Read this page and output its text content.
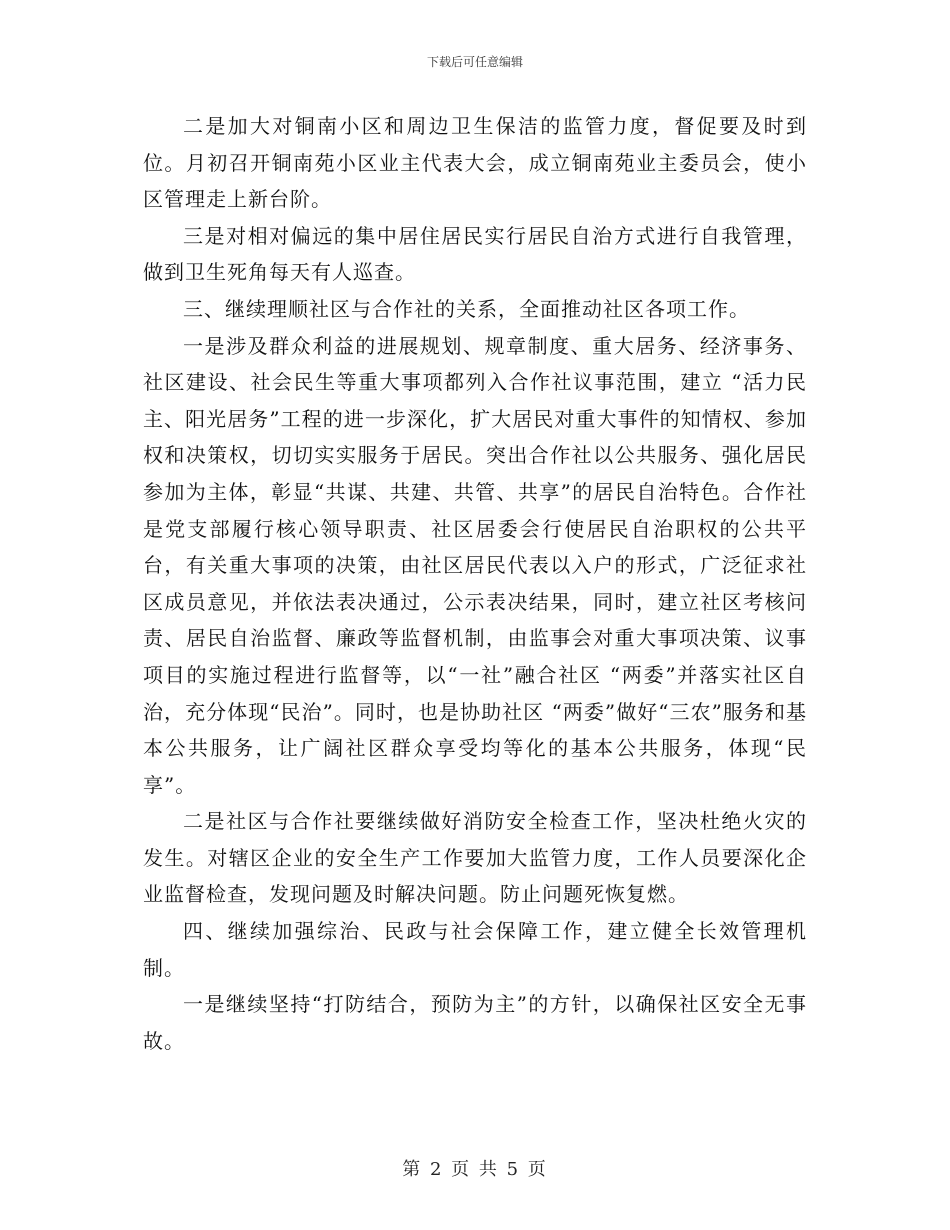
下载后可任意编辑

二是加大对铜南小区和周边卫生保洁的监管力度，督促要及时到位。月初召开铜南苑小区业主代表大会，成立铜南苑业主委员会，使小区管理走上新台阶。

三是对相对偏远的集中居住居民实行居民自治方式进行自我管理，做到卫生死角每天有人巡查。

三、继续理顺社区与合作社的关系，全面推动社区各项工作。

一是涉及群众利益的进展规划、规章制度、重大居务、经济事务、社区建设、社会民生等重大事项都列入合作社议事范围，建立 “活力民主、阳光居务”工程的进一步深化，扩大居民对重大事件的知情权、参加权和决策权，切切实实服务于居民。突出合作社以公共服务、强化居民参加为主体，彰显“共谋、共建、共管、共享”的居民自治特色。合作社是党支部履行核心领导职责、社区居委会行使居民自治职权的公共平台，有关重大事项的决策，由社区居民代表以入户的形式，广泛征求社区成员意见，并依法表决通过，公示表决结果，同时，建立社区考核问责、居民自治监督、廉政等监督机制，由监事会对重大事项决策、议事项目的实施过程进行监督等，以“一社”融合社区 “两委”并落实社区自治，充分体现“民治”。同时，也是协助社区 “两委”做好“三农”服务和基本公共服务，让广阔社区群众享受均等化的基本公共服务，体现“民享”。

二是社区与合作社要继续做好消防安全检查工作，坚决杜绝火灾的发生。对辖区企业的安全生产工作要加大监管力度，工作人员要深化企业监督检查，发现问题及时解决问题。防止问题死恢复燃。

四、继续加强综治、民政与社会保障工作，建立健全长效管理机制。

一是继续坚持“打防结合，预防为主”的方针，以确保社区安全无事故。

第 2 页 共 5 页
